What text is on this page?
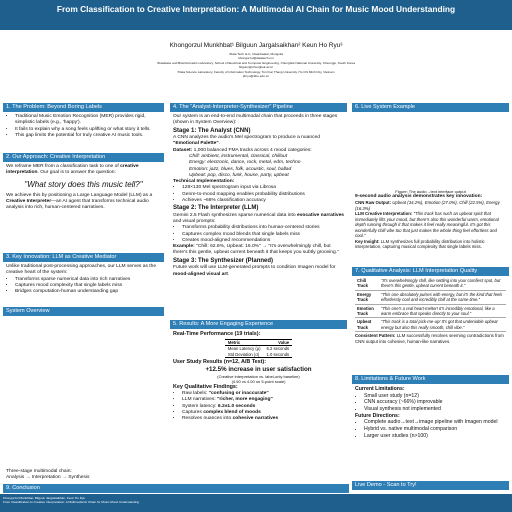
From Classification to Creative Interpretation: A Multimodal AI Chain for Music Mood Understanding
Khongorzul Munkhbat¹ Bilguun Jargalsaikhan² Keun Ho Ryu³
¹Data Tech LLC, Ulaanbaatar, Mongolia
khongorzul@datatech.mn
²Database and Bioinformatics Laboratory, School of Electrical and Computer Engineering, Chungbuk National University, Cheongju, South Korea
bilguun@chungbuk.ac.kr
³Data Science Laboratory, Faculty of Information Technology, Ton Duc Thang University, Ho Chi Minh City, Vietnam
khryu@tdtu.edu.vn
1. The Problem: Beyond Boring Labels
• Traditional Music Emotion Recognition (MER) provides rigid, simplistic labels (e.g., 'happy').
• It fails to explain why a song feels uplifting or what story it tells.
• This gap limits the potential for truly creative AI music tools.
2. Our Approach: Creative Interpretation
We reframe MER from a classification task to one of creative interpretation. Our goal is to answer the question:
"What story does this music tell?"
We achieve this by positioning a Large Language Model (LLM) as a Creative Interpreter—an AI agent that transforms technical audio analysis into rich, human-centered narratives.
3. Key Innovation: LLM as Creative Mediator
Unlike traditional post-processing approaches, our LLM serves as the creative heart of the system:
• Transforms sparse numerical data into rich narratives
• Captures mood complexity that single labels miss
• Bridges computation-human understanding gap
System Overview
Three-stage multimodal chain:
Analysis → Interpretation → Synthesis
4. The "Analyst-Interpreter-Synthesizer" Pipeline
Our system is an end-to-end multimodal chain that proceeds in three stages (shown in System Overview):
Stage 1: The Analyst (CNN)
A CNN analyzes the audio's Mel spectrogram to produce a nuanced "Emotional Palette".
Dataset: 1,000 balanced FMA tracks across 4 mood categories:
Chill: ambient, instrumental, classical, chillout
Energy: electronic, dance, rock, metal, edm, techno
Emotion: jazz, blues, folk, acoustic, soul, ballad
Upbeat: pop, disco, funk, house, party, upbeat
Technical Implementation:
• 128×130 Mel spectrogram input via Librosa
• Genre-to-mood mapping enables probability distributions
• Achieves ~66% classification accuracy
Stage 2: The Interpreter (LLM)
Gemini 2.5 Flash synthesizes sparse numerical data into evocative narratives and visual prompts:
• Transforms probability distributions into human-centered stories
• Captures complex mood blends that single labels miss
• Creates mood-aligned recommendations
Example: "Chill: 62.6%, Upbeat: 16.0%" → "It's overwhelmingly chill, but there's this gentle, upbeat current beneath it that keeps you subtly grooving."
Stage 3: The Synthesizer (Planned)
Future work will use LLM-generated prompts to condition Imagen model for mood-aligned visual art.
5. Results: A More Engaging Experience
Real-Time Performance (19 trials):
Metric	Value
Mean Latency (μ)	6.2 seconds
Std Deviation (σ)	1.0 seconds
User Study Results (n=12, A/B Test):
+12.5% increase in user satisfaction
(Creative interpretation vs. label-only baseline)
(4.50 vs 4.00 on 5-point scale)
Key Qualitative Findings:
• Raw labels: "confusing or inaccurate"
• LLM narratives: "richer, more engaging"
• System latency: 6.2±1.0 seconds
• Captures complex blend of moods
• Resolves nuances into cohesive narratives
6. Live System Example
Figure: The audio→text interface output
9-second audio analysis demonstrates key innovation:
CNN Raw Output: Upbeat (34.2%), Emotion (27.0%), Chill (22.5%), Energy (16.3%)
LLM Creative Interpretation: "This track has such an upbeat spirit that immediately lifts your mood, but there's also this wonderful warm, emotional depth running through it that makes it feel really meaningful. It's got this wonderfully chill vibe too that just makes the whole thing feel effortless and cool."
Key Insight: LLM synthesizes full probability distribution into holistic interpretation, capturing musical complexity that single labels miss.
7. Qualitative Analysis: LLM Interpretation Quality
Chill Track	"It's overwhelmingly chill, like settling into your comfiest spot, but there's this gentle, upbeat current beneath it."
Energy Track	"This one absolutely pulses with energy, but it's the kind that feels effortlessly cool and incredibly chill at the same time."
Emotion Track	"This one's a real heart-melter! It's incredibly emotional, like a warm embrace that speaks directly to your soul."
Upbeat Track	"This track is a total pick-me-up! It's got that undeniable upbeat energy but also this really smooth, chill vibe."
Consistent Pattern: LLM successfully resolves seeming contradictions from CNN output into cohesive, human-like narratives.
8. Limitations & Future Work
Current Limitations:
• Small user study (n=12)
• CNN accuracy (~66%) improvable
• Visual synthesis not implemented
Future Directions:
• Complete audio→text→image pipeline with Imagen model
• Hybrid vs. native multimodal comparison
• Larger user studies (n>100)
Live Demo - Scan to Try!
9. Conclusion
Khongorzul Munkhbat, Bilguun Jargalsaikhan, Keun Ho Ryu
From Classification to Creative Interpretation: A Multimodal AI Chain for Music Mood Understanding
